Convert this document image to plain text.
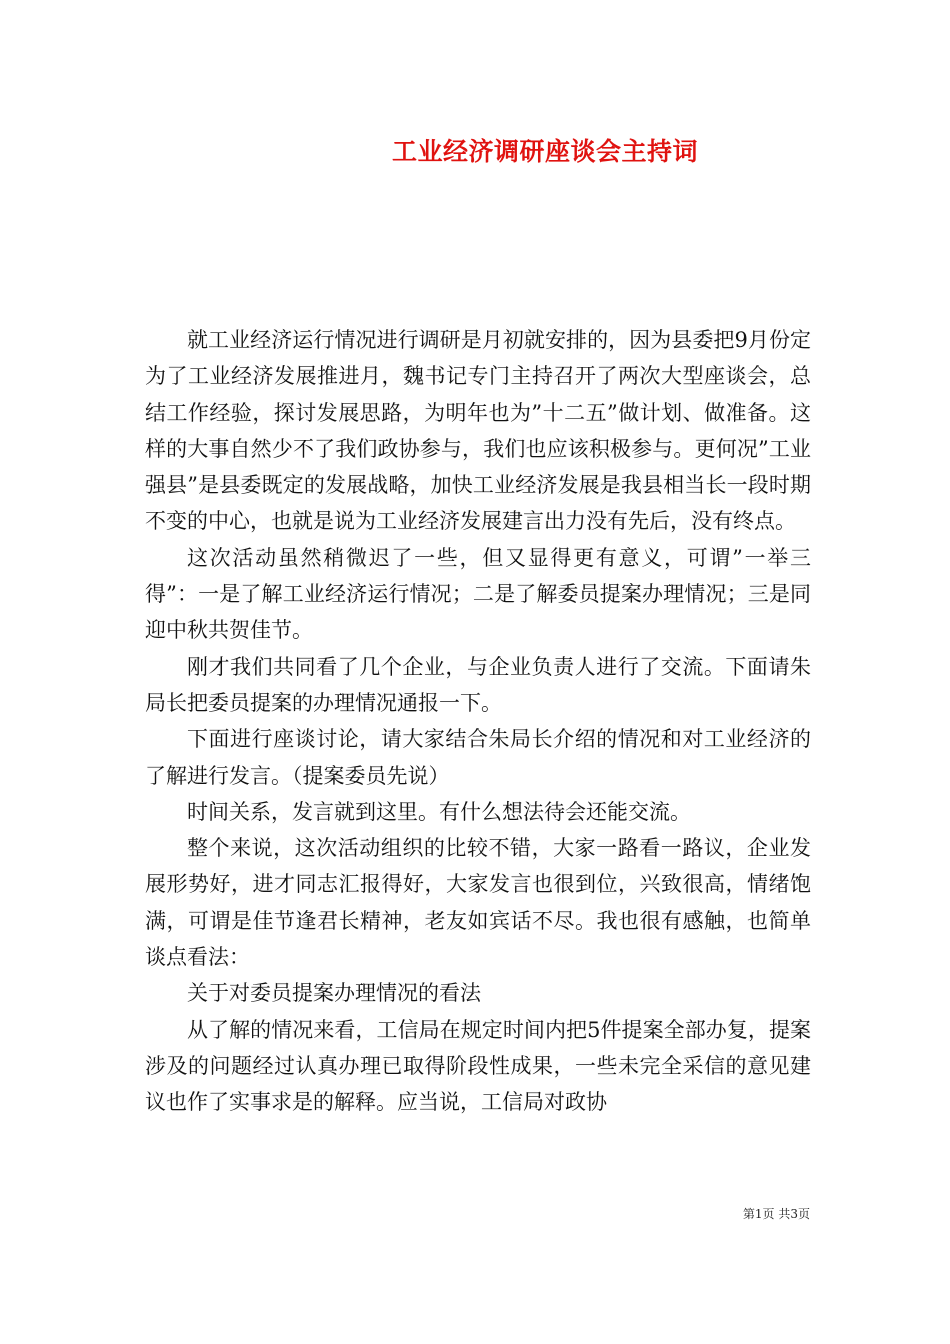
工业经济调研座谈会主持词

就工业经济运行情况进行调研是月初就安排的，因为县委把9月份定为了工业经济发展推进月，魏书记专门主持召开了两次大型座谈会，总结工作经验，探讨发展思路，为明年也为”十二五”做计划、做准备。这样的大事自然少不了我们政协参与，我们也应该积极参与。更何况”工业强县”是县委既定的发展战略，加快工业经济发展是我县相当长一段时期不变的中心，也就是说为工业经济发展建言出力没有先后，没有终点。

这次活动虽然稍微迟了一些，但又显得更有意义，可谓”一举三得”：一是了解工业经济运行情况；二是了解委员提案办理情况；三是同迎中秋共贺佳节。

刚才我们共同看了几个企业，与企业负责人进行了交流。下面请朱局长把委员提案的办理情况通报一下。

下面进行座谈讨论，请大家结合朱局长介绍的情况和对工业经济的了解进行发言。（提案委员先说）

时间关系，发言就到这里。有什么想法待会还能交流。

整个来说，这次活动组织的比较不错，大家一路看一路议，企业发展形势好，进才同志汇报得好，大家发言也很到位，兴致很高，情绪饱满，可谓是佳节逢君长精神，老友如宾话不尽。我也很有感触，也简单谈点看法：

关于对委员提案办理情况的看法

从了解的情况来看，工信局在规定时间内把5件提案全部办复，提案涉及的问题经过认真办理已取得阶段性成果，一些未完全采信的意见建议也作了实事求是的解释。应当说，工信局对政协

第1页 共3页
